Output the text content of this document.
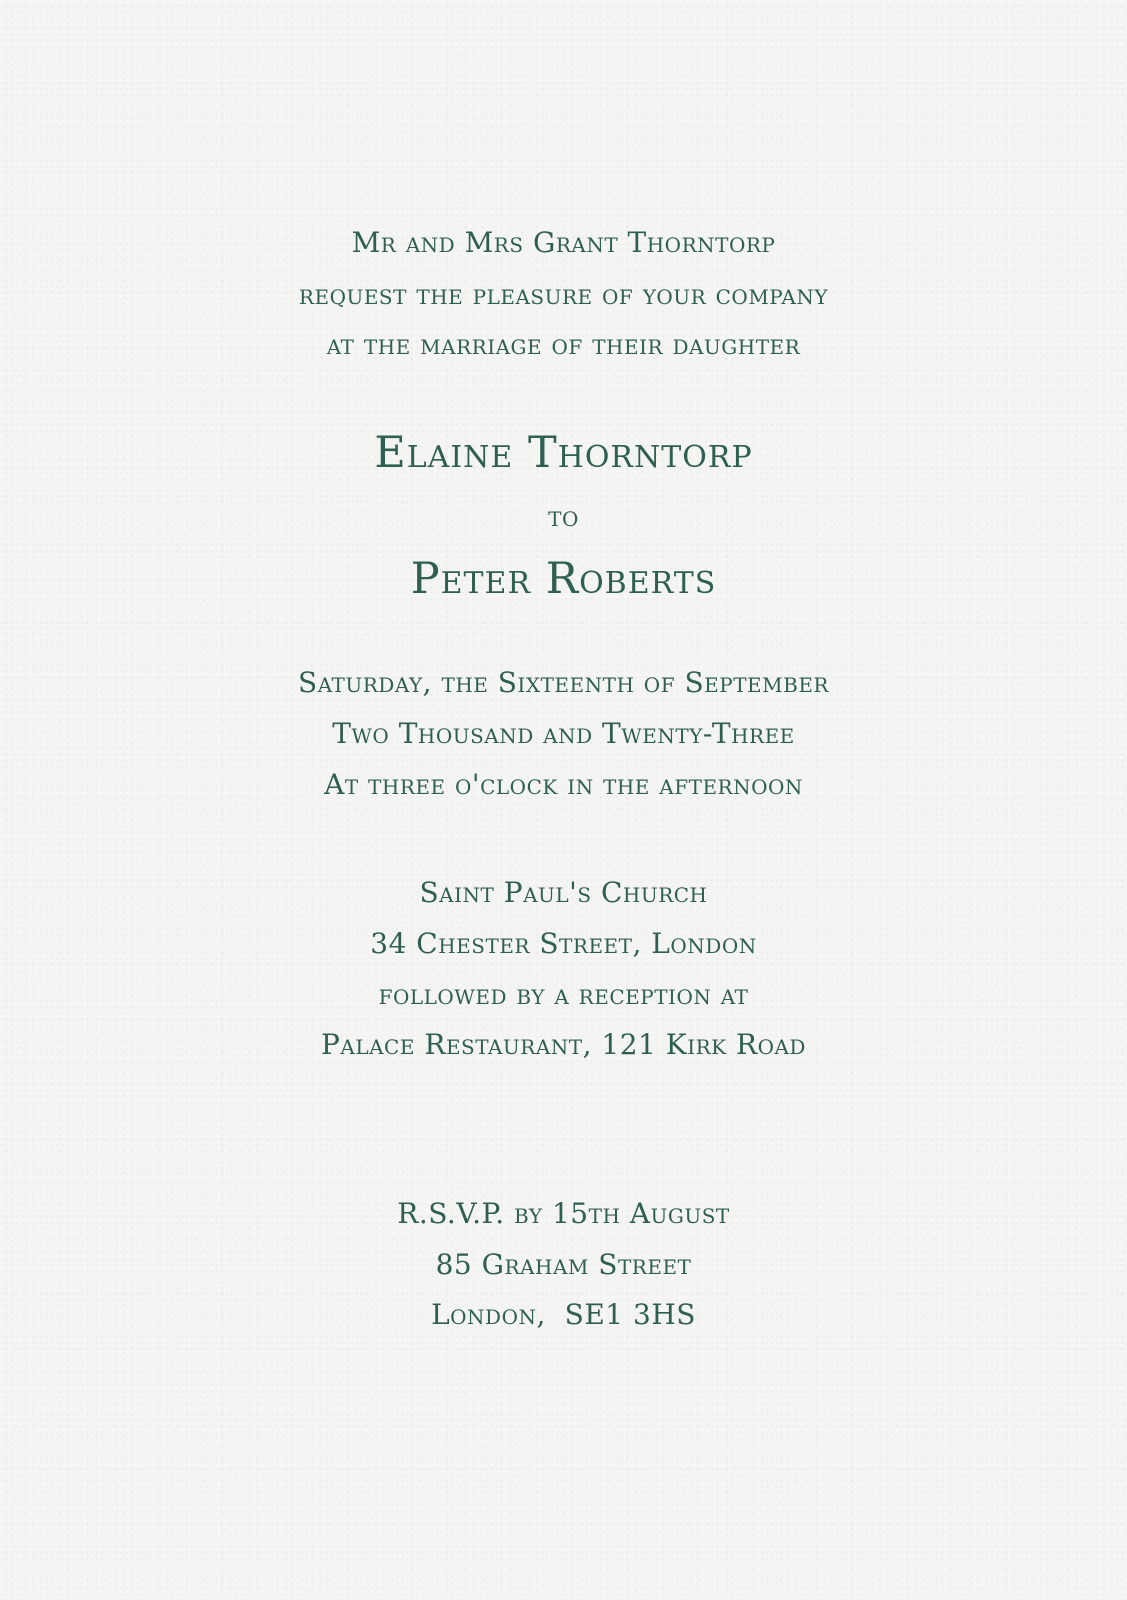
Mr and Mrs Grant Thorntorp
request the pleasure of your company
at the marriage of their daughter
Elaine Thorntorp
to
Peter Roberts
Saturday, the Sixteenth of September
Two Thousand and Twenty-Three
At three o'clock in the afternoon
Saint Paul's Church
34 Chester Street, London
followed by a reception at
Palace Restaurant, 121 Kirk Road
R.S.V.P. by 15th August
85 Graham Street
London,  SE1 3HS
